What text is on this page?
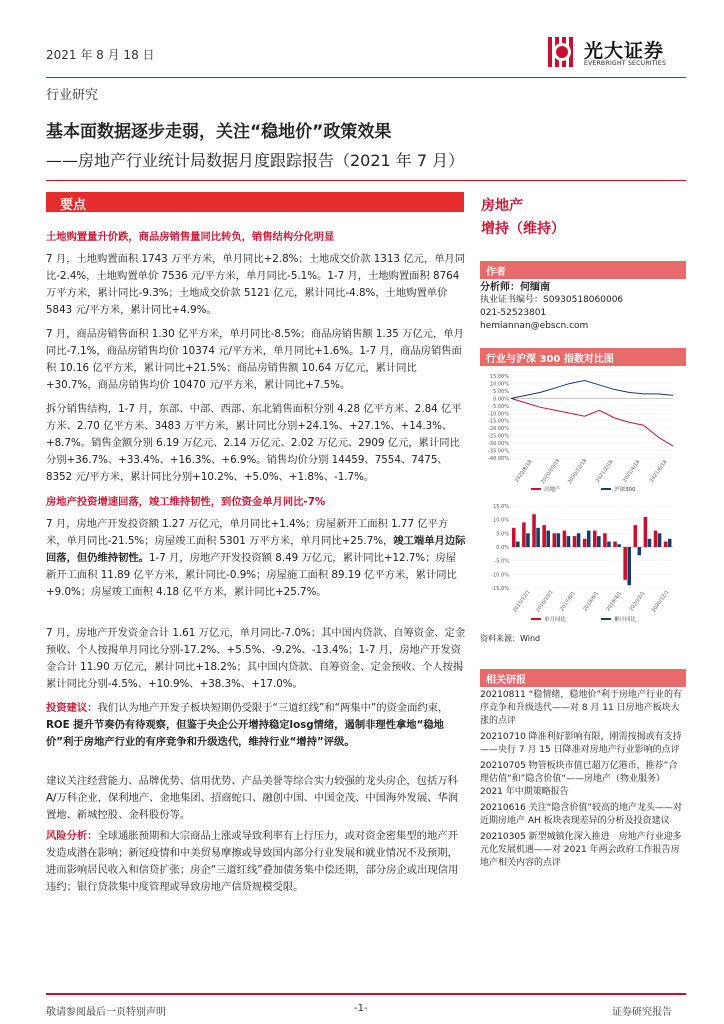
2021 年 8 月 18 日	光大证券
EVERBRIGHT SECURITIES
行业研究
基本面数据逐步走弱，关注“稳地价”政策效果
——房地产行业统计局数据月度跟踪报告（2021 年 7 月）
要点
土地购置量升价跌，商品房销售量同比转负，销售结构分化明显

7 月，土地购置面积 1743 万平方米，单月同比+2.8%；土地成交价款 1313 亿元，单月同比-2.4%，土地购置单价 7536 元/平方米，单月同比-5.1%。1-7 月，土地购置面积 8764 万平方米，累计同比-9.3%；土地成交价款 5121 亿元，累计同比-4.8%，土地购置单价 5843 元/平方米，累计同比+4.9%。

7 月，商品房销售面积 1.30 亿平方米，单月同比-8.5%；商品房销售额 1.35 万亿元，单月同比-7.1%，商品房销售均价 10374 元/平方米，单月同比+1.6%。1-7 月，商品房销售面积 10.16 亿平方米，累计同比+21.5%；商品房销售额 10.64 万亿元，累计同比+30.7%，商品房销售均价 10470 元/平方米，累计同比+7.5%。

拆分销售结构，1-7 月，东部、中部、西部、东北销售面积分别 4.28 亿平方米、2.84 亿平方米、2.70 亿平方米、3483 万平方米，累计同比分别+24.1%、+27.1%、+14.3%、+8.7%。销售金额分别 6.19 万亿元、2.14 万亿元、2.02 万亿元、2909 亿元，累计同比分别+36.7%、+33.4%、+16.3%、+6.9%。销售均价分别 14459、7554、7475、8352 元/平方米，累计同比分别+10.2%、+5.0%、+1.8%、-1.7%。

房地产投资增速回落，竣工维持韧性，到位资金单月同比-7%

7 月，房地产开发投资额 1.27 万亿元，单月同比+1.4%；房屋新开工面积 1.77 亿平方米，单月同比-21.5%；房屋竣工面积 5301 万平方米，单月同比+25.7%，竣工端单月边际回落，但仍维持韧性。1-7 月，房地产开发投资额 8.49 万亿元，累计同比+12.7%；房屋新开工面积 11.89 亿平方米，累计同比-0.9%；房屋施工面积 89.19 亿平方米，累计同比+9.0%；房屋竣工面积 4.18 亿平方米，累计同比+25.7%。

7 月，房地产开发资金合计 1.61 万亿元，单月同比-7.0%；其中国内贷款、自筹资金、定金预收、个人按揭单月同比分别-17.2%、+5.5%、-9.2%、-13.4%；1-7 月，房地产开发资金合计 11.90 万亿元，累计同比+18.2%；其中国内贷款、自筹资金、定金预收、个人按揭累计同比分别-4.5%、+10.9%、+38.3%、+17.0%。

投资建议：我们认为地产开发子板块短期仍受限于“三道红线”和“两集中”的资金面约束，ROE 提升节奏仍有待观察，但鉴于央企公开增持稳定losg情绪，遏制非理性拿地“稳地价”利于房地产行业的有序竞争和升级迭代，维持行业“增持”评级。

建议关注经营能力、品牌优势、信用优势、产品美誉等综合实力较强的龙头房企，包括万科 A/万科企业，保利地产、金地集团、招商蛇口、融创中国、中国金茂、中国海外发展、华润置地、新城控股、金科股份等。

风险分析：全球通胀预期和大宗商品上涨或导致利率有上行压力，或对资金密集型的地产开发造成潜在影响；新冠疫情和中美贸易摩擦或导致国内部分行业发展和就业情况不及预期，进而影响居民收入和信贷扩张；房企“三道红线”叠加债务集中偿还期，部分房企或出现信用违约；银行贷款集中度管理或导致房地产信贷规模受限。

房地产
增持（维持）
作者
分析师：何缅南
执业证书编号：S0930518060006
021-52523801
hemiannan@ebscn.com
行业与沪深 300 指数对比图
15.00%
10.00%
5.00%
0.00%
-5.00%
-10.00%
-15.00%
-20.00%
-25.00%
-30.00%
-35.00%
-40.00%
2020/8/18 2020/10/18 2020/12/18 2021/2/18 2021/4/18 2021/6/18
房地产	沪深300
15.0%
10.0%
5.0%
0.0%
-5.0%
-10.0%
-15.0%
2015/12/1 2016/10/1 2017/8/1 2018/6/1 2019/4/1 2020/2/1 2020/12/1
单月同比	累计同比
资料来源：Wind
相关研报
20210811 “稳情绪，稳地价”利于房地产行业的有序竞争和升级迭代——对 8 月 11 日房地产板块大涨的点评
20210710 降准利好影响有限，刚需按揭或有支持——央行 7 月 15 日降准对房地产行业影响的点评
20210705 物管板块市值已超万亿港币，推荐”合理估值“和”隐含价值“——房地产（物业服务）2021 年中期策略报告
20210616 关注“隐含价值”较高的地产龙头——对近期房地产 AH 板块表现差异的分析及投资建议
20210305 新型城镇化深入推进　房地产行业迎多元化发展机遇——对 2021 年两会政府工作报告房地产相关内容的点评
敬请参阅最后一页特别声明	-1-	证券研究报告
